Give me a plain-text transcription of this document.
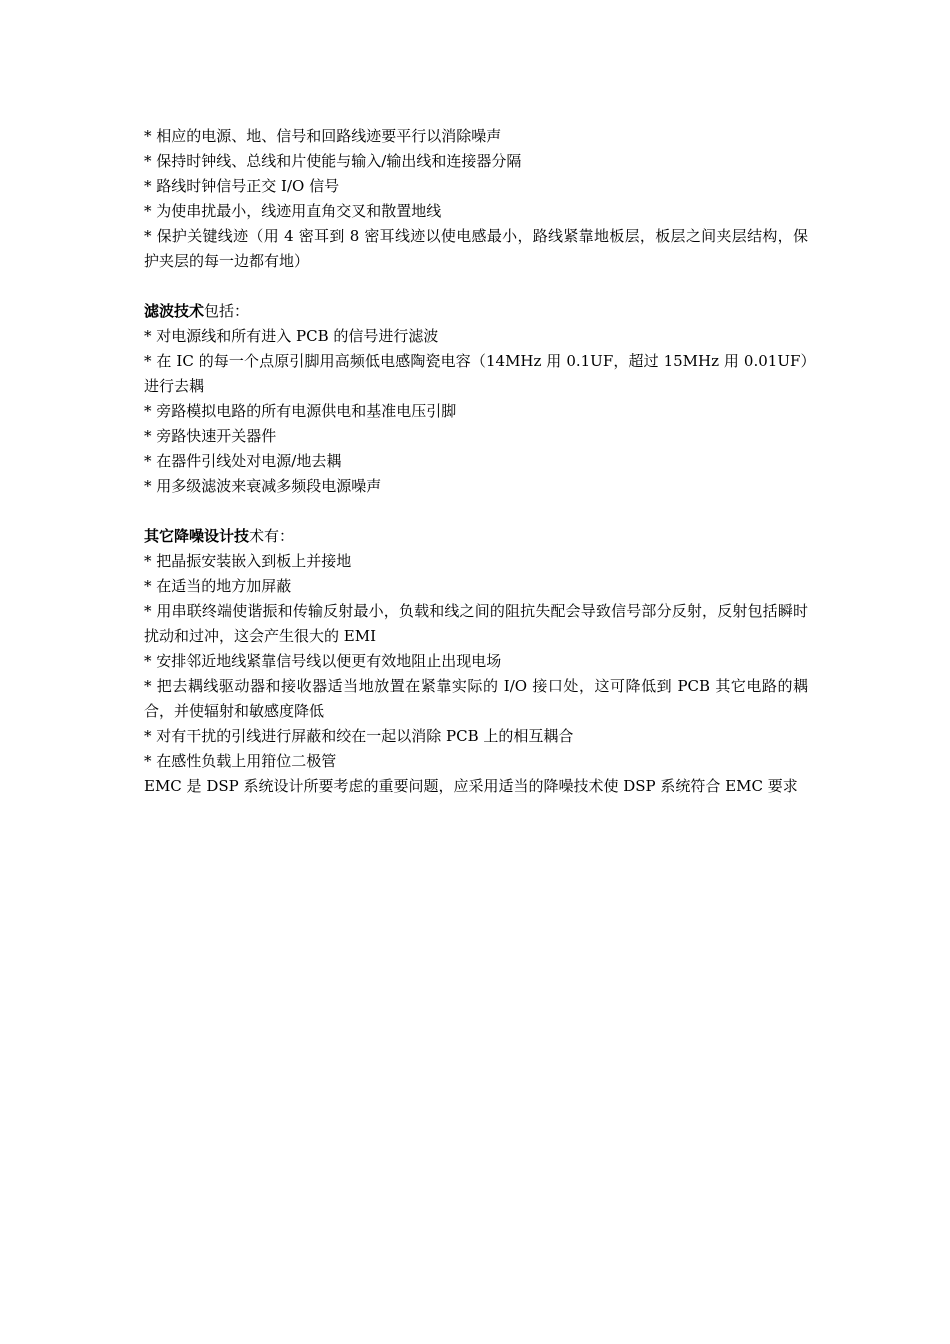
* 相应的电源、地、信号和回路线迹要平行以消除噪声

* 保持时钟线、总线和片使能与输入/输出线和连接器分隔

* 路线时钟信号正交 I/O 信号

* 为使串扰最小，线迹用直角交叉和散置地线

* 保护关键线迹（用 4 密耳到 8 密耳线迹以使电感最小，路线紧靠地板层，板层之间夹层结构，保护夹层的每一边都有地）

滤波技术包括：

* 对电源线和所有进入 PCB 的信号进行滤波

* 在 IC 的每一个点原引脚用高频低电感陶瓷电容（14MHz 用 0.1UF，超过 15MHz 用 0.01UF）进行去耦

* 旁路模拟电路的所有电源供电和基准电压引脚

* 旁路快速开关器件

* 在器件引线处对电源/地去耦

* 用多级滤波来衰减多频段电源噪声

其它降噪设计技术有：

* 把晶振安装嵌入到板上并接地

* 在适当的地方加屏蔽

* 用串联终端使谐振和传输反射最小，负载和线之间的阻抗失配会导致信号部分反射，反射包括瞬时扰动和过冲，这会产生很大的 EMI

* 安排邻近地线紧靠信号线以便更有效地阻止出现电场

* 把去耦线驱动器和接收器适当地放置在紧靠实际的 I/O 接口处，这可降低到 PCB 其它电路的耦合，并使辐射和敏感度降低

* 对有干扰的引线进行屏蔽和绞在一起以消除 PCB 上的相互耦合

* 在感性负载上用箝位二极管

EMC 是 DSP 系统设计所要考虑的重要问题，应采用适当的降噪技术使 DSP 系统符合 EMC 要求
